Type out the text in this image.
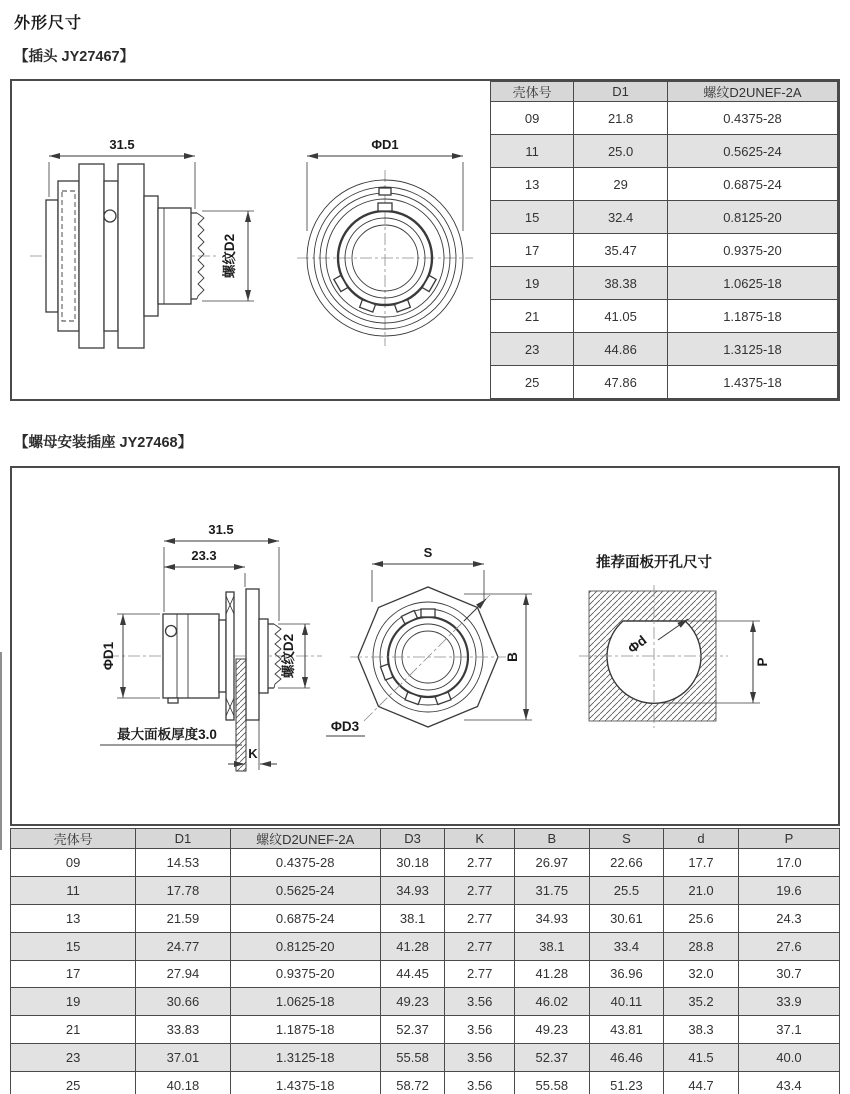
外形尺寸
【插头 JY27467】
31.5
螺纹D2
ΦD1
壳体号	D1	螺纹D2UNEF-2A
09	21.8	0.4375-28
11	25.0	0.5625-24
13	29	0.6875-24
15	32.4	0.8125-20
17	35.47	0.9375-20
19	38.38	1.0625-18
21	41.05	1.1875-18
23	44.86	1.3125-18
25	47.86	1.4375-18
【螺母安装插座 JY27468】
31.5
23.3
ΦD1	螺纹D2
最大面板厚度3.0
K
S
B
ΦD3
推荐面板开孔尺寸
Φd
P
壳体号	D1	螺纹D2UNEF-2A	D3	K	B	S	d	P
09	14.53	0.4375-28	30.18	2.77	26.97	22.66	17.7	17.0
11	17.78	0.5625-24	34.93	2.77	31.75	25.5	21.0	19.6
13	21.59	0.6875-24	38.1	2.77	34.93	30.61	25.6	24.3
15	24.77	0.8125-20	41.28	2.77	38.1	33.4	28.8	27.6
17	27.94	0.9375-20	44.45	2.77	41.28	36.96	32.0	30.7
19	30.66	1.0625-18	49.23	3.56	46.02	40.11	35.2	33.9
21	33.83	1.1875-18	52.37	3.56	49.23	43.81	38.3	37.1
23	37.01	1.3125-18	55.58	3.56	52.37	46.46	41.5	40.0
25	40.18	1.4375-18	58.72	3.56	55.58	51.23	44.7	43.4
